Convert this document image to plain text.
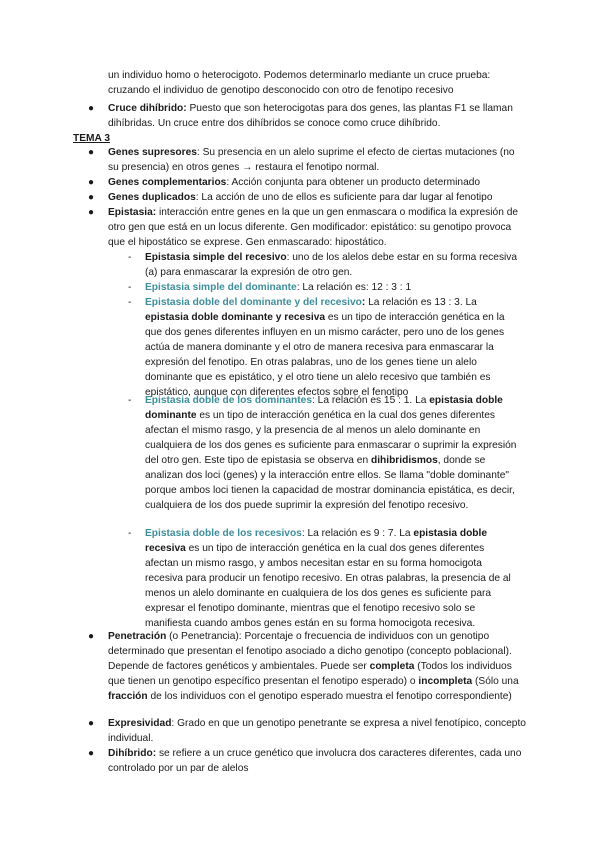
un individuo homo o heterocigoto. Podemos determinarlo mediante un cruce prueba:

cruzando el individuo de genotipo desconocido con otro de fenotipo recesivo

● Cruce dihíbrido: Puesto que son heterocigotas para dos genes, las plantas F1 se llaman dihíbridas. Un cruce entre dos dihíbridos se conoce como cruce dihíbrido.

TEMA 3

● Genes supresores: Su presencia en un alelo suprime el efecto de ciertas mutaciones (no su presencia) en otros genes → restaura el fenotipo normal.

● Genes complementarios: Acción conjunta para obtener un producto determinado

● Genes duplicados: La acción de uno de ellos es suficiente para dar lugar al fenotipo

● Epistasia: interacción entre genes en la que un gen enmascara o modifica la expresión de otro gen que está en un locus diferente. Gen modificador: epistático: su genotipo provoca que el hipostático se exprese. Gen enmascarado: hipostático.

- Epistasia simple del recesivo: uno de los alelos debe estar en su forma recesiva (a) para enmascarar la expresión de otro gen.

- Epistasia simple del dominante: La relación es: 12 : 3 : 1

- Epistasia doble del dominante y del recesivo: La relación es 13 : 3. La epistasia doble dominante y recesiva es un tipo de interacción genética en la que dos genes diferentes influyen en un mismo carácter, pero uno de los genes actúa de manera dominante y el otro de manera recesiva para enmascarar la expresión del fenotipo. En otras palabras, uno de los genes tiene un alelo dominante que es epistático, y el otro tiene un alelo recesivo que también es epistático, aunque con diferentes efectos sobre el fenotipo

- Epistasia doble de los dominantes: La relación es 15 : 1. La epistasia doble dominante es un tipo de interacción genética en la cual dos genes diferentes afectan el mismo rasgo, y la presencia de al menos un alelo dominante en cualquiera de los dos genes es suficiente para enmascarar o suprimir la expresión del otro gen. Este tipo de epistasia se observa en dihibridismos, donde se analizan dos loci (genes) y la interacción entre ellos. Se llama "doble dominante" porque ambos loci tienen la capacidad de mostrar dominancia epistática, es decir, cualquiera de los dos puede suprimir la expresión del fenotipo recesivo.

- Epistasia doble de los recesivos: La relación es 9 : 7. La epistasia doble recesiva es un tipo de interacción genética en la cual dos genes diferentes afectan un mismo rasgo, y ambos necesitan estar en su forma homocigota recesiva para producir un fenotipo recesivo. En otras palabras, la presencia de al menos un alelo dominante en cualquiera de los dos genes es suficiente para expresar el fenotipo dominante, mientras que el fenotipo recesivo solo se manifiesta cuando ambos genes están en su forma homocigota recesiva.

● Penetración (o Penetrancia): Porcentaje o frecuencia de individuos con un genotipo determinado que presentan el fenotipo asociado a dicho genotipo (concepto poblacional). Depende de factores genéticos y ambientales. Puede ser completa (Todos los individuos que tienen un genotipo específico presentan el fenotipo esperado) o incompleta (Sólo una fracción de los individuos con el genotipo esperado muestra el fenotipo correspondiente)

● Expresividad: Grado en que un genotipo penetrante se expresa a nivel fenotípico, concepto individual.

● Dihíbrido: se refiere a un cruce genético que involucra dos caracteres diferentes, cada uno controlado por un par de alelos
